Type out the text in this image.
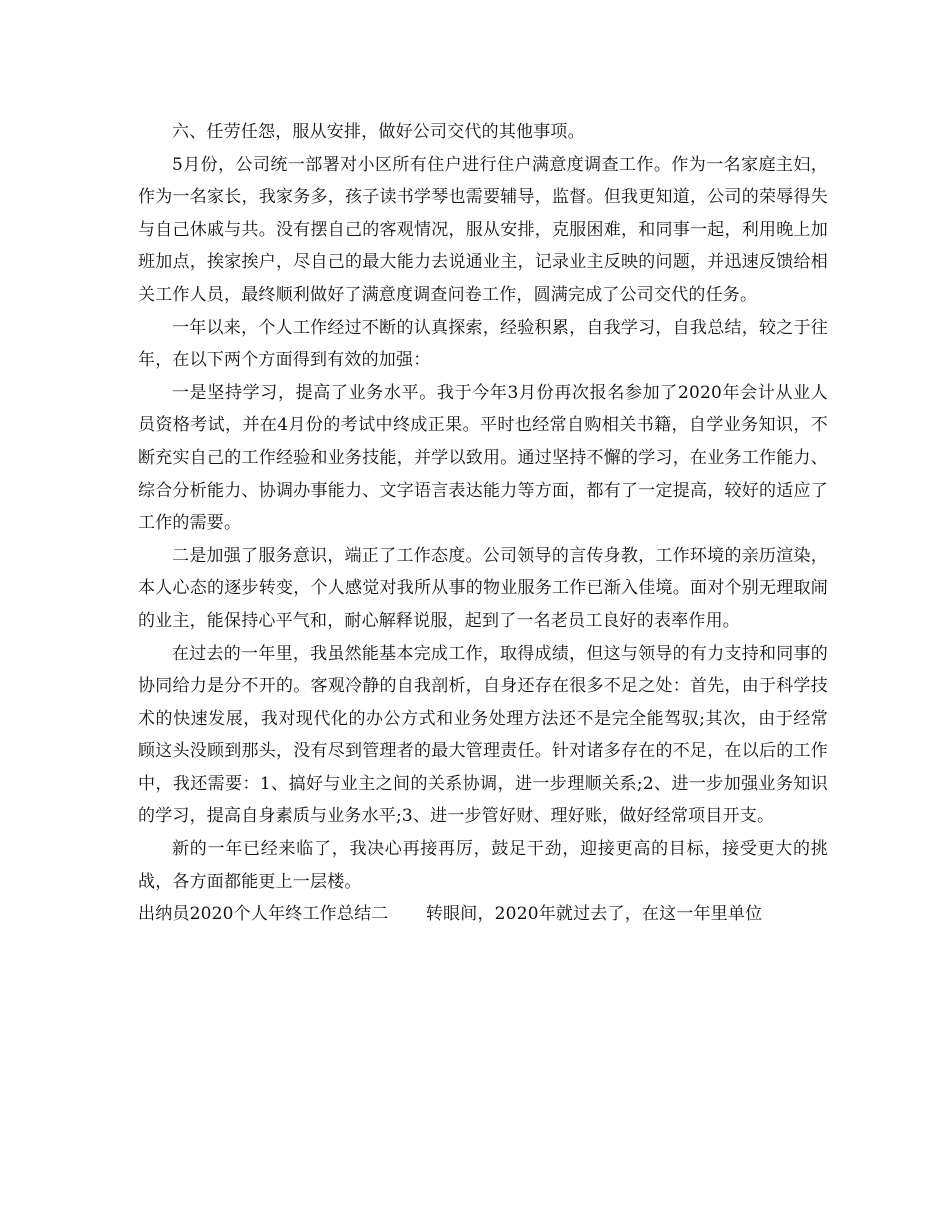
六、任劳任怨，服从安排，做好公司交代的其他事项。

5月份，公司统一部署对小区所有住户进行住户满意度调查工作。作为一名家庭主妇，作为一名家长，我家务多，孩子读书学琴也需要辅导，监督。但我更知道，公司的荣辱得失与自己休戚与共。没有摆自己的客观情况，服从安排，克服困难，和同事一起，利用晚上加班加点，挨家挨户，尽自己的最大能力去说通业主，记录业主反映的问题，并迅速反馈给相关工作人员，最终顺利做好了满意度调查问卷工作，圆满完成了公司交代的任务。

一年以来，个人工作经过不断的认真探索，经验积累，自我学习，自我总结，较之于往年，在以下两个方面得到有效的加强：

一是坚持学习，提高了业务水平。我于今年3月份再次报名参加了2020年会计从业人员资格考试，并在4月份的考试中终成正果。平时也经常自购相关书籍，自学业务知识，不断充实自己的工作经验和业务技能，并学以致用。通过坚持不懈的学习，在业务工作能力、综合分析能力、协调办事能力、文字语言表达能力等方面，都有了一定提高，较好的适应了工作的需要。

二是加强了服务意识，端正了工作态度。公司领导的言传身教，工作环境的亲历渲染，本人心态的逐步转变，个人感觉对我所从事的物业服务工作已渐入佳境。面对个别无理取闹的业主，能保持心平气和，耐心解释说服，起到了一名老员工良好的表率作用。

在过去的一年里，我虽然能基本完成工作，取得成绩，但这与领导的有力支持和同事的协同给力是分不开的。客观冷静的自我剖析，自身还存在很多不足之处：首先，由于科学技术的快速发展，我对现代化的办公方式和业务处理方法还不是完全能驾驭;其次，由于经常顾这头没顾到那头，没有尽到管理者的最大管理责任。针对诸多存在的不足，在以后的工作中，我还需要：1、搞好与业主之间的关系协调，进一步理顺关系;2、进一步加强业务知识的学习，提高自身素质与业务水平;3、进一步管好财、理好账，做好经常项目开支。

新的一年已经来临了，我决心再接再厉，鼓足干劲，迎接更高的目标，接受更大的挑战，各方面都能更上一层楼。

出纳员2020个人年终工作总结二 转眼间，2020年就过去了，在这一年里单位
